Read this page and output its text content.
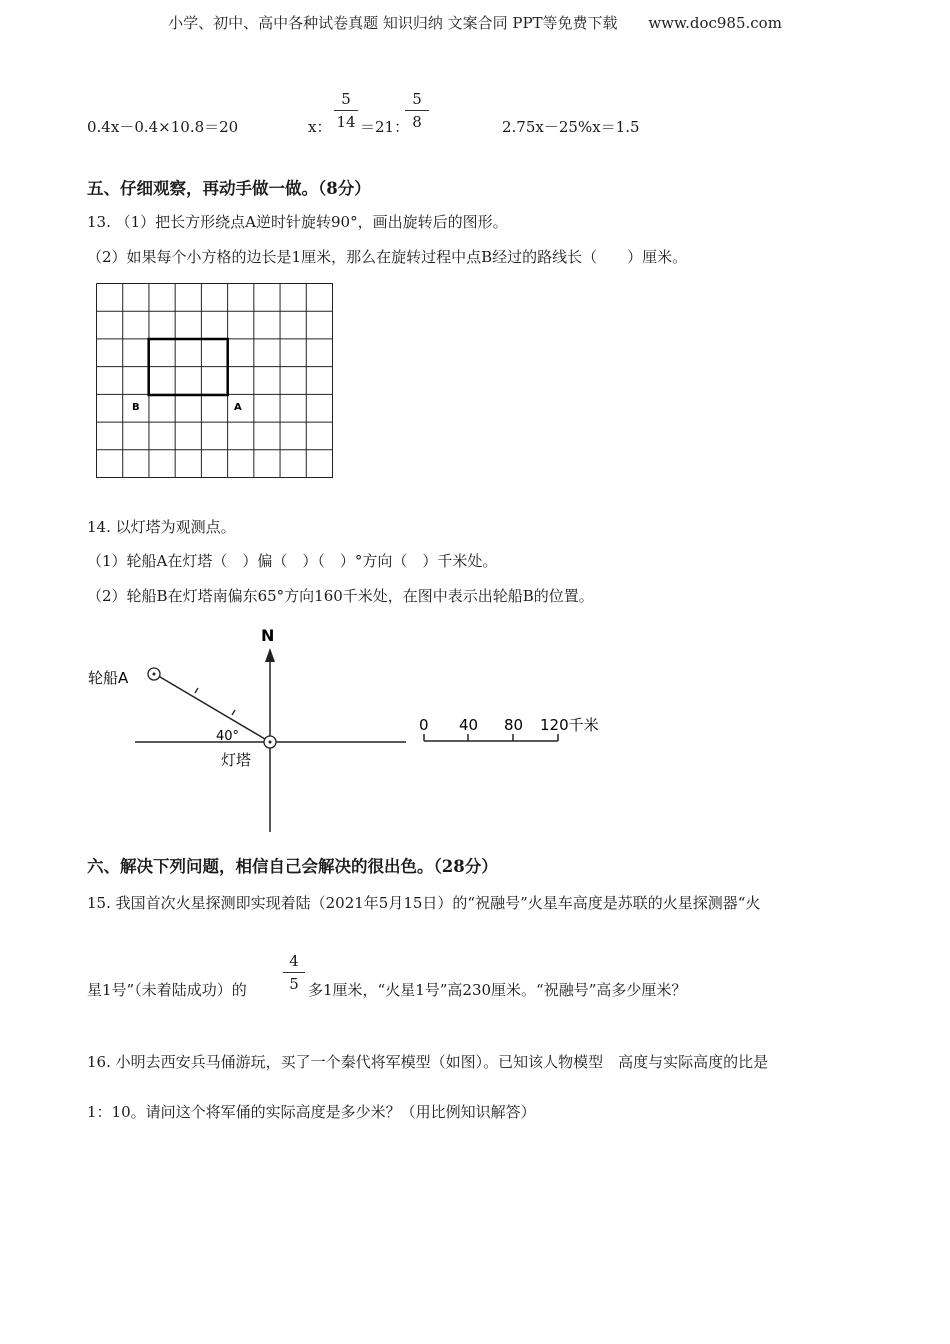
小学、初中、高中各种试卷真题 知识归纳 文案合同 PPT等免费下载 www.doc985.com
0.4x－0.4×10.8＝20	x： $\frac{5}{14} =21$：
$\frac{5}{8}$	2.75x－25%x＝1.5
五、仔细观察，再动手做一做。（8分）
13. （1）把长方形绕点A逆时针旋转90°，画出旋转后的图形。
（2）如果每个小方格的边长是1厘米，那么在旋转过程中点B经过的路线长（　　）厘米。
B	A
14. 以灯塔为观测点。
（1）轮船A在灯塔（　）偏（　）（　）°方向（　）千米处。
（2）轮船B在灯塔南偏东65°方向160千米处，在图中表示出轮船B的位置。
N
轮船A
40°
灯塔
0 40 80 120千米
六、解决下列问题，相信自己会解决的很出色。（28分）
15. 我国首次火星探测即实现着陆（2021年5月15日）的“祝融号”火星车高度是苏联的火星探测器“火
星1号”（未着陆成功）的 $\frac{4}{5}$ 多1厘米，“火星1号”高230厘米。“祝融号”高多少厘米？
16. 小明去西安兵马俑游玩，买了一个秦代将军模型（如图）。已知该人物模型　高度与实际高度的比是
1：10。请问这个将军俑的实际高度是多少米？（用比例知识解答）
